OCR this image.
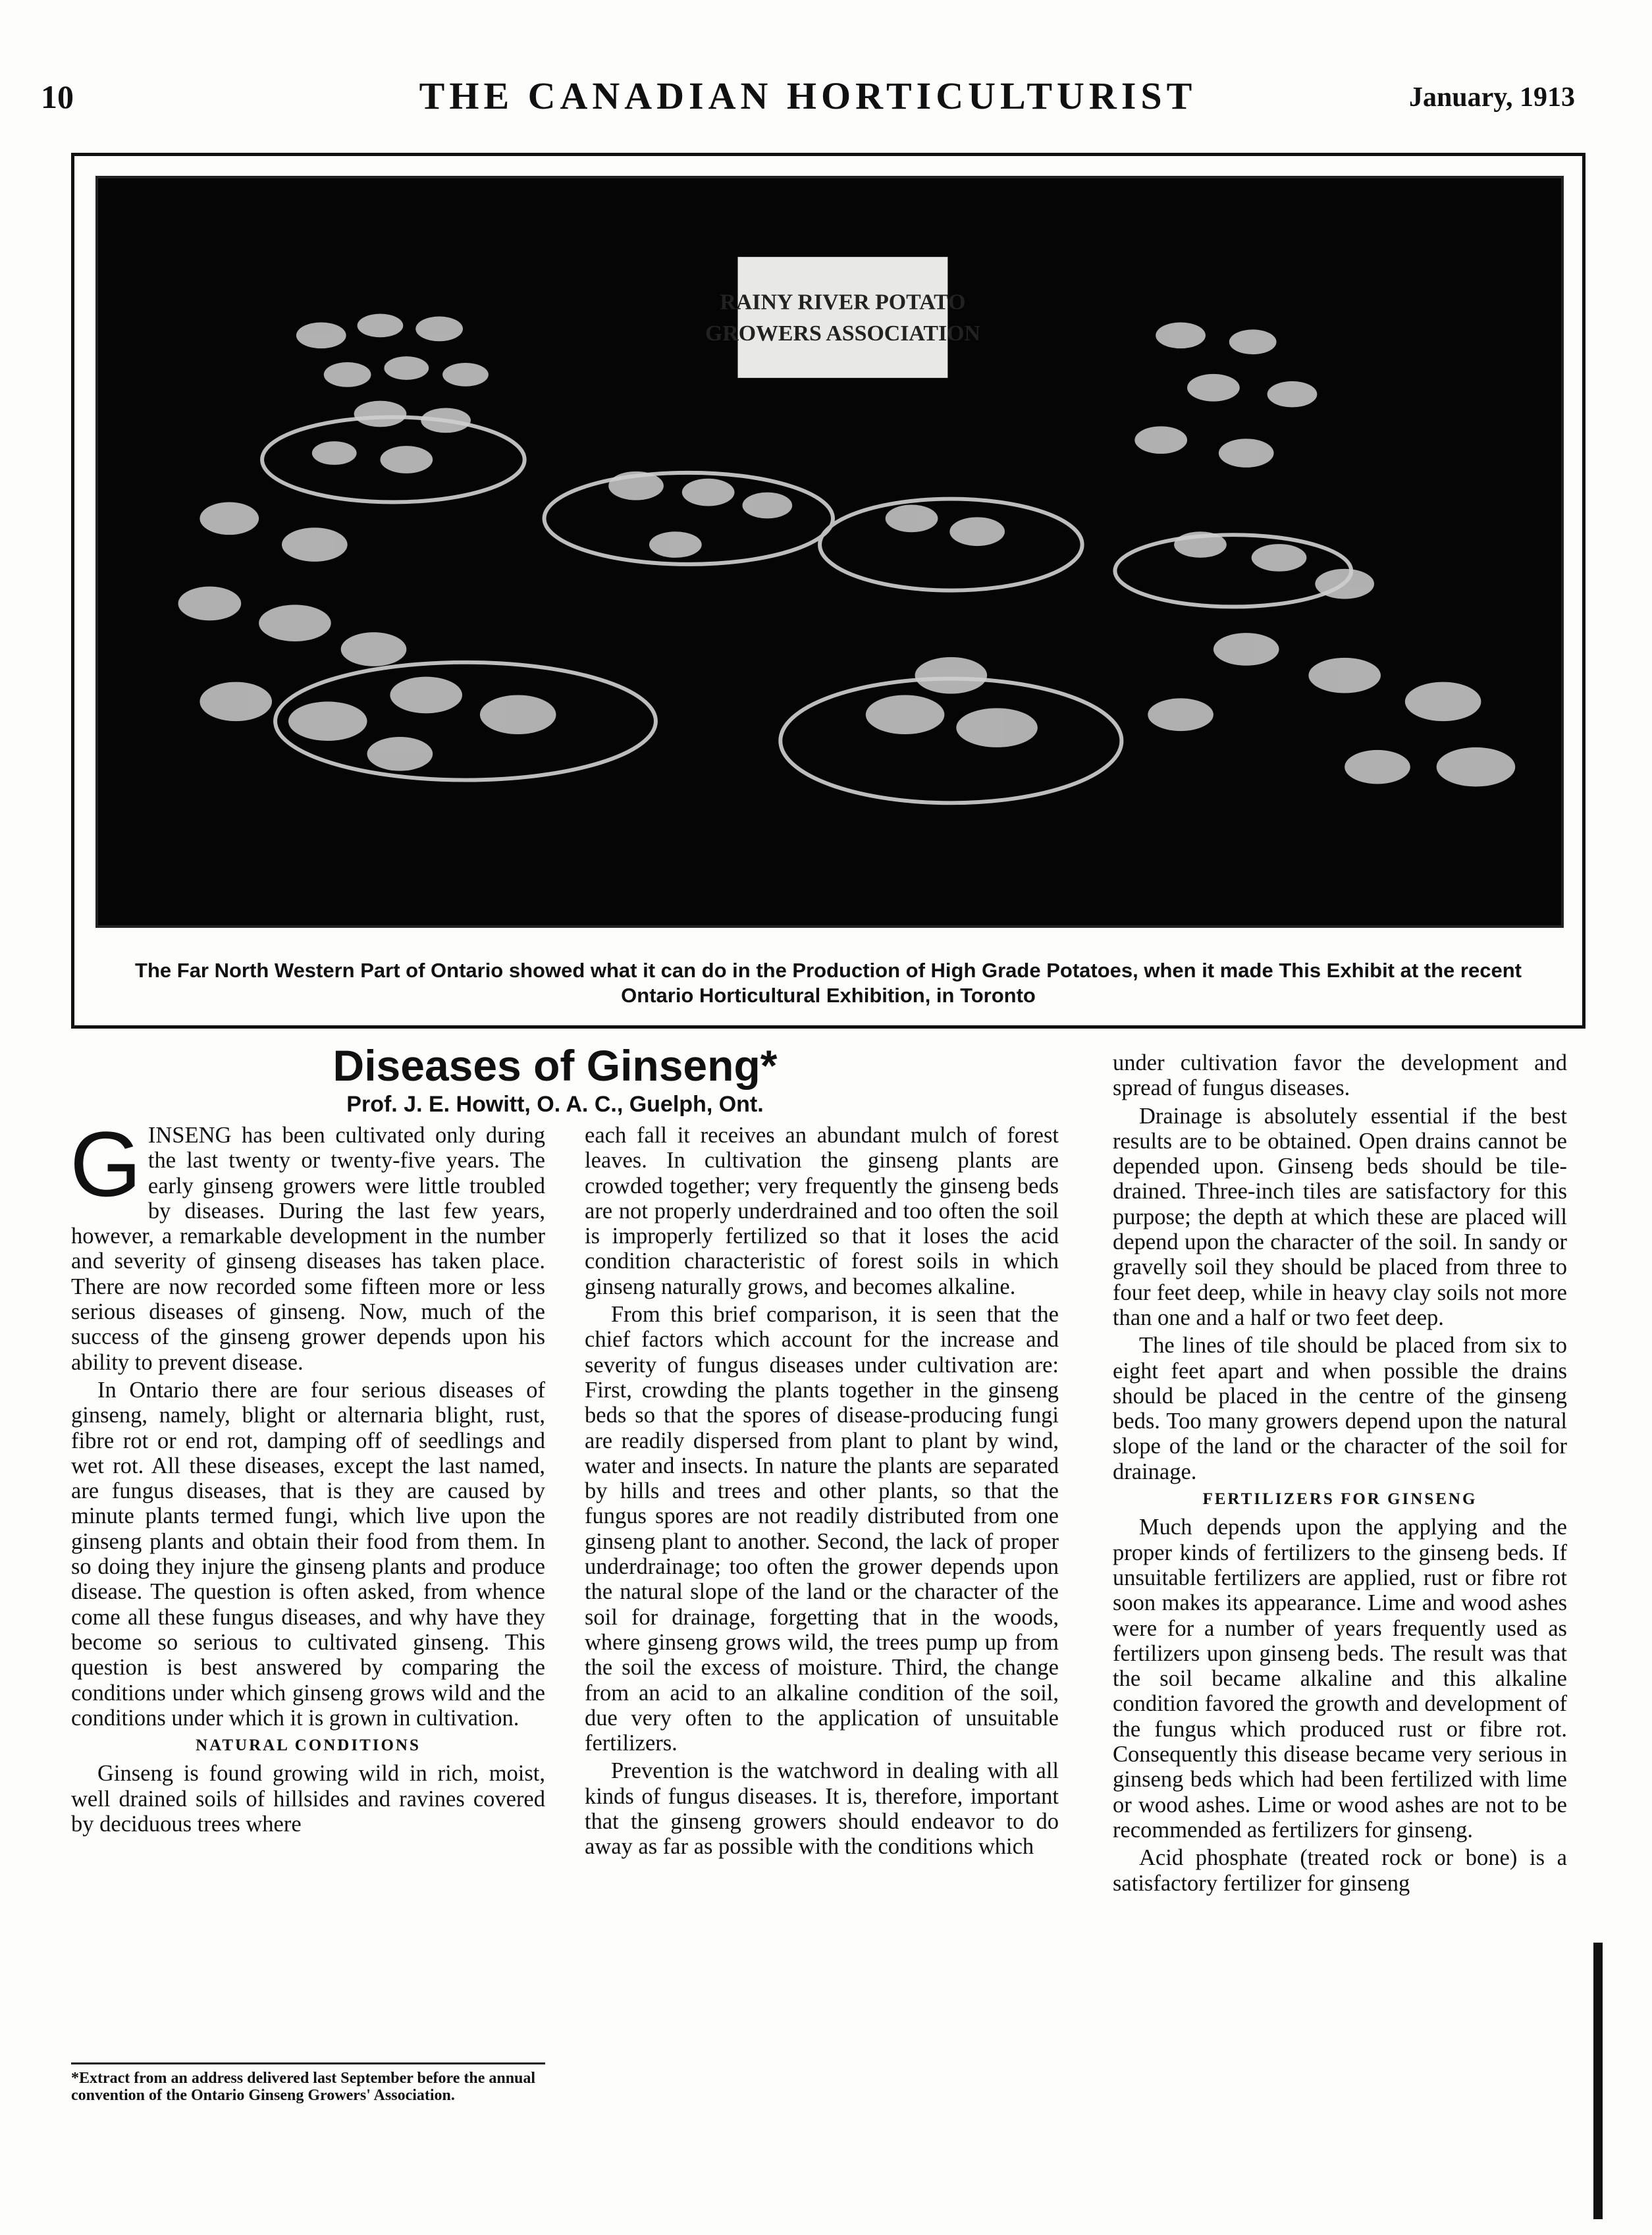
10	THE CANADIAN HORTICULTURIST	January, 1913
RAINY RIVER POTATO
GROWERS ASSOCIATION
The Far North Western Part of Ontario showed what it can do in the Production of High Grade Potatoes, when it made This Exhibit at the recent Ontario Horticultural Exhibition, in Toronto
Diseases of Ginseng*
Prof. J. E. Howitt, O. A. C., Guelph, Ont.

GINSENG has been cultivated only during the last twenty or twenty-five years. The early ginseng growers were little troubled by diseases. During the last few years, however, a remarkable development in the number and severity of ginseng diseases has taken place. There are now recorded some fifteen more or less serious diseases of ginseng. Now, much of the success of the ginseng grower depends upon his ability to prevent disease.

In Ontario there are four serious diseases of ginseng, namely, blight or alternaria blight, rust, fibre rot or end rot, damping off of seedlings and wet rot. All these diseases, except the last named, are fungus diseases, that is they are caused by minute plants termed fungi, which live upon the ginseng plants and obtain their food from them. In so doing they injure the ginseng plants and produce disease. The question is often asked, from whence come all these fungus diseases, and why have they become so serious to cultivated ginseng. This question is best answered by comparing the conditions under which ginseng grows wild and the conditions under which it is grown in cultivation.

NATURAL CONDITIONS

Ginseng is found growing wild in rich, moist, well drained soils of hillsides and ravines covered by deciduous trees where

*Extract from an address delivered last September before the annual convention of the Ontario Ginseng Growers' Association.

each fall it receives an abundant mulch of forest leaves. In cultivation the ginseng plants are crowded together; very frequently the ginseng beds are not properly underdrained and too often the soil is improperly fertilized so that it loses the acid condition characteristic of forest soils in which ginseng naturally grows, and becomes alkaline.

From this brief comparison, it is seen that the chief factors which account for the increase and severity of fungus diseases under cultivation are: First, crowding the plants together in the ginseng beds so that the spores of disease-producing fungi are readily dispersed from plant to plant by wind, water and insects. In nature the plants are separated by hills and trees and other plants, so that the fungus spores are not readily distributed from one ginseng plant to another. Second, the lack of proper underdrainage; too often the grower depends upon the natural slope of the land or the character of the soil for drainage, forgetting that in the woods, where ginseng grows wild, the trees pump up from the soil the excess of moisture. Third, the change from an acid to an alkaline condition of the soil, due very often to the application of unsuitable fertilizers.

Prevention is the watchword in dealing with all kinds of fungus diseases. It is, therefore, important that the ginseng growers should endeavor to do away as far as possible with the conditions which

under cultivation favor the development and spread of fungus diseases.

Drainage is absolutely essential if the best results are to be obtained. Open drains cannot be depended upon. Ginseng beds should be tile-drained. Three-inch tiles are satisfactory for this purpose; the depth at which these are placed will depend upon the character of the soil. In sandy or gravelly soil they should be placed from three to four feet deep, while in heavy clay soils not more than one and a half or two feet deep.

The lines of tile should be placed from six to eight feet apart and when possible the drains should be placed in the centre of the ginseng beds. Too many growers depend upon the natural slope of the land or the character of the soil for drainage.

FERTILIZERS FOR GINSENG

Much depends upon the applying and the proper kinds of fertilizers to the ginseng beds. If unsuitable fertilizers are applied, rust or fibre rot soon makes its appearance. Lime and wood ashes were for a number of years frequently used as fertilizers upon ginseng beds. The result was that the soil became alkaline and this alkaline condition favored the growth and development of the fungus which produced rust or fibre rot. Consequently this disease became very serious in ginseng beds which had been fertilized with lime or wood ashes. Lime or wood ashes are not to be recommended as fertilizers for ginseng.

Acid phosphate (treated rock or bone) is a satisfactory fertilizer for ginseng
